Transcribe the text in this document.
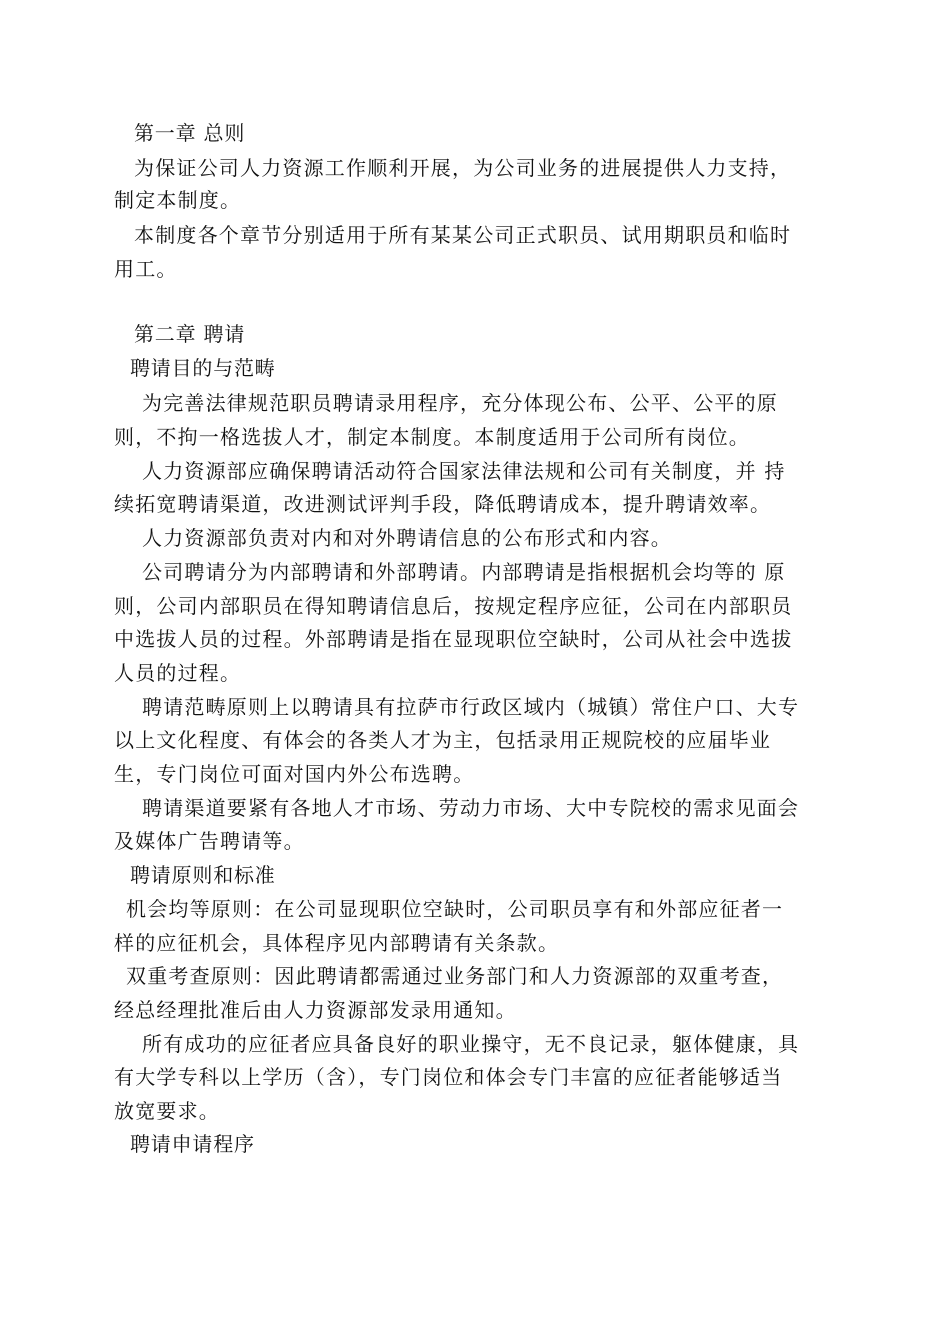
第一章 总则
为保证公司人力资源工作顺利开展，为公司业务的进展提供人力支持，
制定本制度。
本制度各个章节分别适用于所有某某公司正式职员、试用期职员和临时
用工。
第二章 聘请
聘请目的与范畴
为完善法律规范职员聘请录用程序，充分体现公布、公平、公平的原
则，不拘一格选拔人才，制定本制度。本制度适用于公司所有岗位。
人力资源部应确保聘请活动符合国家法律法规和公司有关制度，并 持
续拓宽聘请渠道，改进测试评判手段，降低聘请成本，提升聘请效率。
人力资源部负责对内和对外聘请信息的公布形式和内容。
公司聘请分为内部聘请和外部聘请。内部聘请是指根据机会均等的 原
则，公司内部职员在得知聘请信息后，按规定程序应征，公司在内部职员
中选拔人员的过程。外部聘请是指在显现职位空缺时，公司从社会中选拔
人员的过程。
聘请范畴原则上以聘请具有拉萨市行政区域内（城镇）常住户口、大专
以上文化程度、有体会的各类人才为主，包括录用正规院校的应届毕业
生，专门岗位可面对国内外公布选聘。
聘请渠道要紧有各地人才市场、劳动力市场、大中专院校的需求见面会
及媒体广告聘请等。
聘请原则和标准
机会均等原则：在公司显现职位空缺时，公司职员享有和外部应征者一
样的应征机会，具体程序见内部聘请有关条款。
双重考查原则：因此聘请都需通过业务部门和人力资源部的双重考查，
经总经理批准后由人力资源部发录用通知。
所有成功的应征者应具备良好的职业操守，无不良记录，躯体健康，具
有大学专科以上学历（含），专门岗位和体会专门丰富的应征者能够适当
放宽要求。
聘请申请程序
